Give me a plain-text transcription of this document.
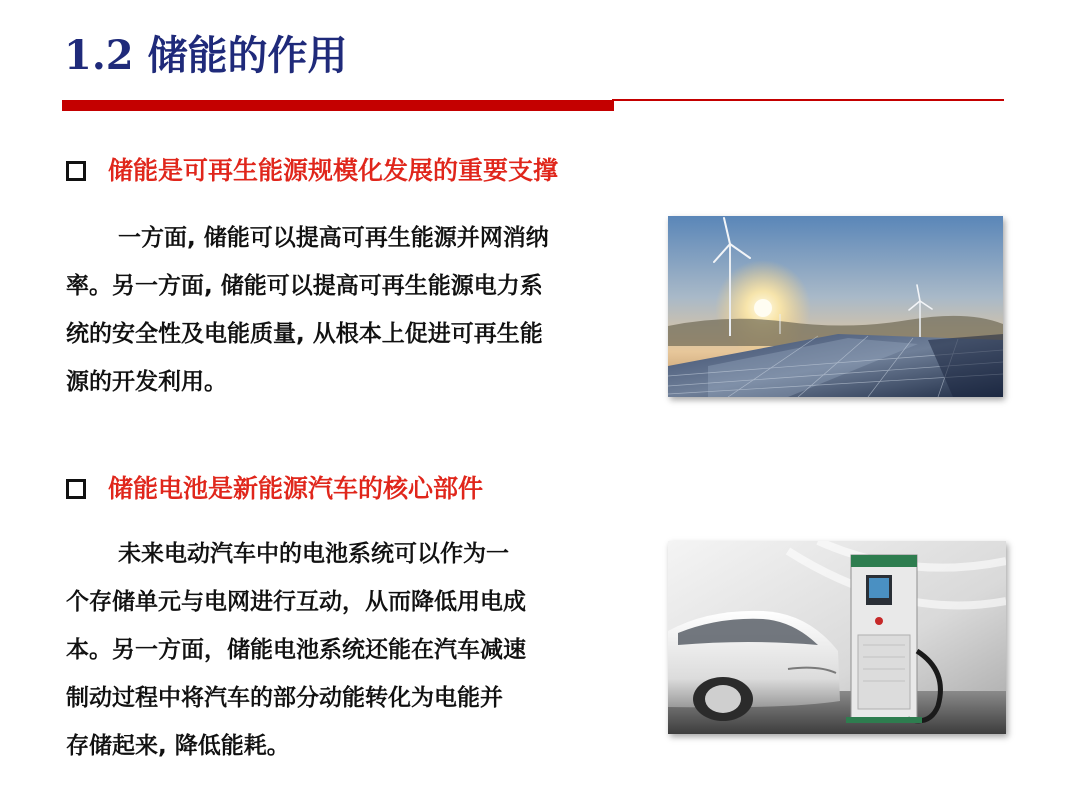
1.2 储能的作用
储能是可再生能源规模化发展的重要支撑

一方面, 储能可以提高可再生能源并网消纳
率。另一方面, 储能可以提高可再生能源电力系
统的安全性及电能质量, 从根本上促进可再生能
源的开发利用。

储能电池是新能源汽车的核心部件

未来电动汽车中的电池系统可以作为一
个存储单元与电网进行互动，从而降低用电成
本。另一方面，储能电池系统还能在汽车减速
制动过程中将汽车的部分动能转化为电能并
存储起来, 降低能耗。
